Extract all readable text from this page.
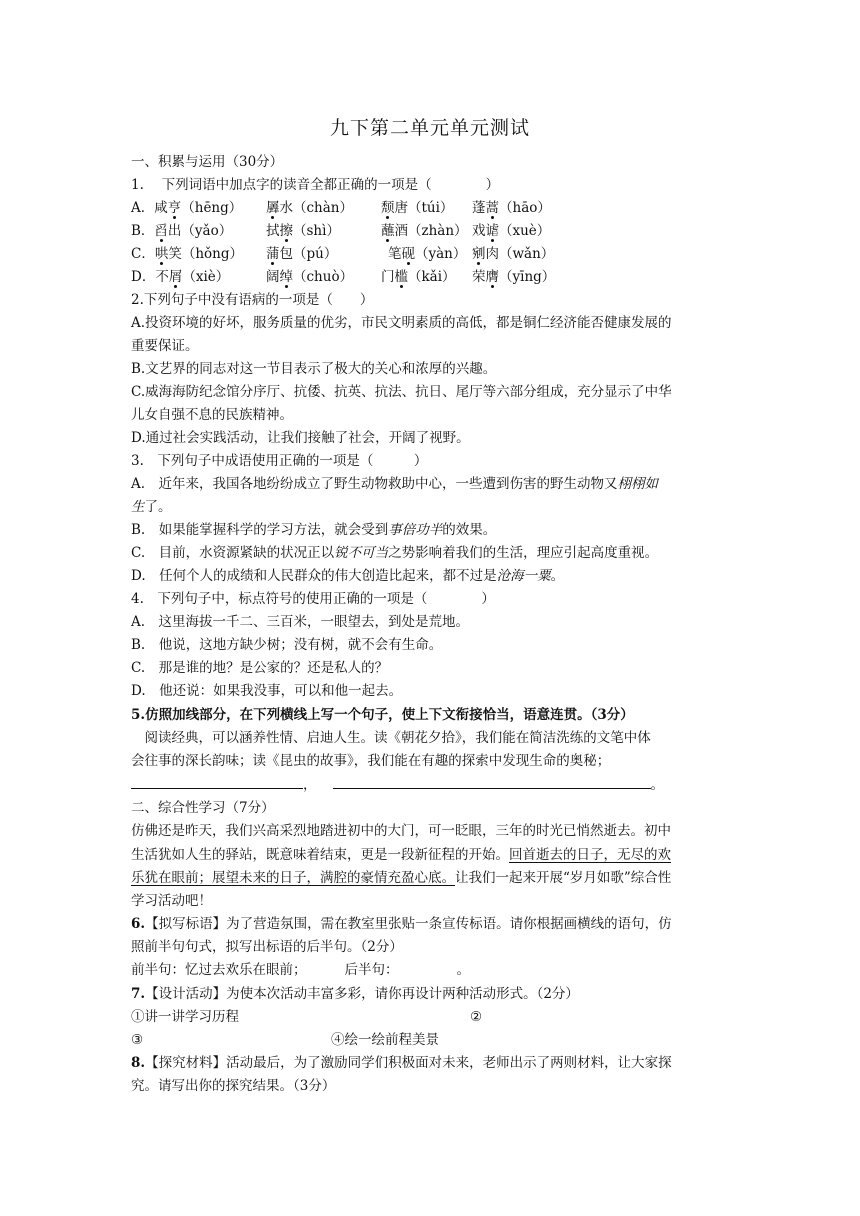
九下第二单元单元测试
一、积累与运用（30分）
1.　 下列词语中加点字的读音全都正确的一项是（　　　　）
A．咸亨（hēng） 羼水（chàn） 颓唐（túi） 蓬蒿（hāo）
B．舀出（yǎo）	拭擦（shì）	蘸酒（zhàn） 戏谑（xuè）
C．哄笑（hǒng） 蒲包（pú）	笔砚（yàn） 剜肉（wǎn）
D．不屑（xiè）	阔绰（chuò） 门槛（kǎi） 荣膺（yīng）
2.下列句子中没有语病的一项是（　　）
A.投资环境的好坏，服务质量的优劣，市民文明素质的高低，都是铜仁经济能否健康发展的
重要保证。
B.文艺界的同志对这一节目表示了极大的关心和浓厚的兴趣。
C.威海海防纪念馆分序厅、抗倭、抗英、抗法、抗日、尾厅等六部分组成，充分显示了中华
儿女自强不息的民族精神。
D.通过社会实践活动，让我们接触了社会，开阔了视野。
3.　下列句子中成语使用正确的一项是（　　　）
A.　近年来，我国各地纷纷成立了野生动物救助中心，一些遭到伤害的野生动物又栩栩如
生了。
B.　如果能掌握科学的学习方法，就会受到事倍功半的效果。
C.　目前，水资源紧缺的状况正以锐不可当之势影响着我们的生活，理应引起高度重视。
D.　任何个人的成绩和人民群众的伟大创造比起来，都不过是沧海一粟。
4.　下列句子中，标点符号的使用正确的一项是（　　　　）
A.　这里海拔一千二、三百米，一眼望去，到处是荒地。
B.　他说，这地方缺少树；没有树，就不会有生命。
C.　那是谁的地？是公家的？还是私人的？
D.　他还说：如果我没事，可以和他一起去。
5.仿照加线部分，在下列横线上写一个句子，使上下文衔接恰当，语意连贯。（3分）
　阅读经典，可以涵养性情、启迪人生。读《朝花夕拾》，我们能在简洁洗练的文笔中体
会往事的深长韵味；读《昆虫的故事》，我们能在有趣的探索中发现生命的奥秘；
，	。
二、综合性学习（7分）
仿佛还是昨天，我们兴高采烈地踏进初中的大门，可一眨眼，三年的时光已悄然逝去。初中
生活犹如人生的驿站，既意味着结束，更是一段新征程的开始。回首逝去的日子，无尽的欢
乐犹在眼前；展望未来的日子，满腔的豪情充盈心底。让我们一起来开展“岁月如歌”综合性
学习活动吧！
6.【拟写标语】为了营造氛围，需在教室里张贴一条宣传标语。请你根据画横线的语句，仿
照前半句句式，拟写出标语的后半句。（2分）
前半句：忆过去欢乐在眼前；	后半句：	。
7.【设计活动】为使本次活动丰富多彩，请你再设计两种活动形式。（2分）
①讲一讲学习历程	②
③	④绘一绘前程美景
8.【探究材料】活动最后，为了激励同学们积极面对未来，老师出示了两则材料，让大家探
究。请写出你的探究结果。（3分）
